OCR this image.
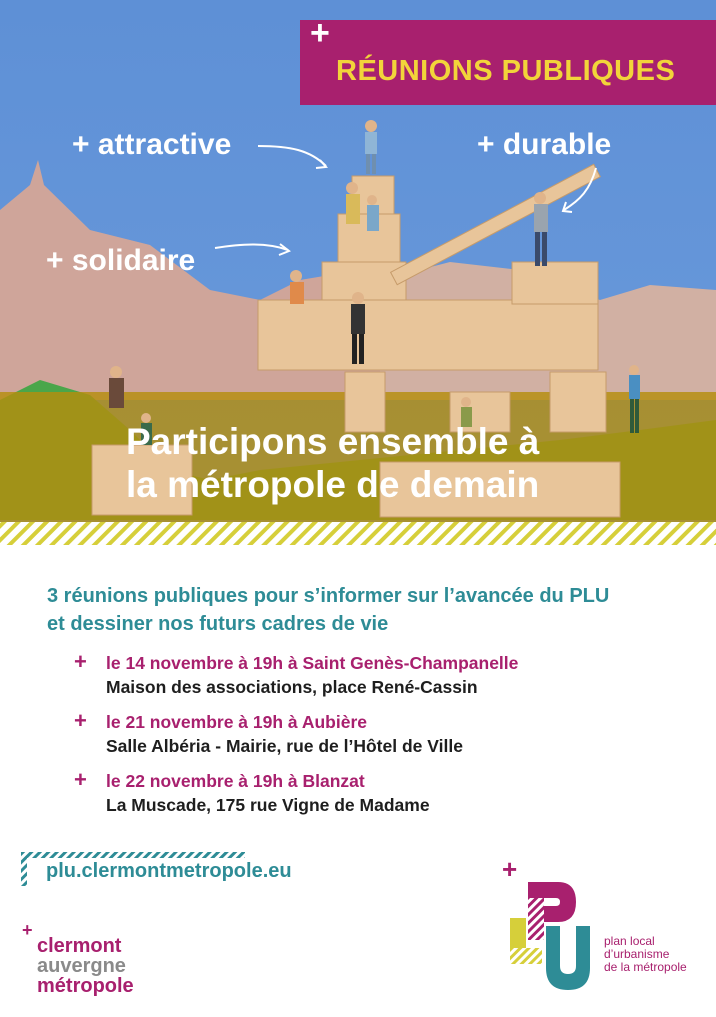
+
RÉUNIONS PUBLIQUES
+ attractive	+ durable
+ solidaire
Participons ensemble à
la métropole de demain
3 réunions publiques pour s’informer sur l’avancée du PLU
et dessiner nos futurs cadres de vie
+ le 14 novembre à 19h à Saint Genès-Champanelle
Maison des associations, place René-Cassin
+ le 21 novembre à 19h à Aubière
Salle Albéria - Mairie, rue de l’Hôtel de Ville
+ le 22 novembre à 19h à Blanzat
La Muscade, 175 rue Vigne de Madame
plu.clermontmetropole.eu
+
clermont
auvergne
métropole
+
plan local
d’urbanisme
de la métropole
